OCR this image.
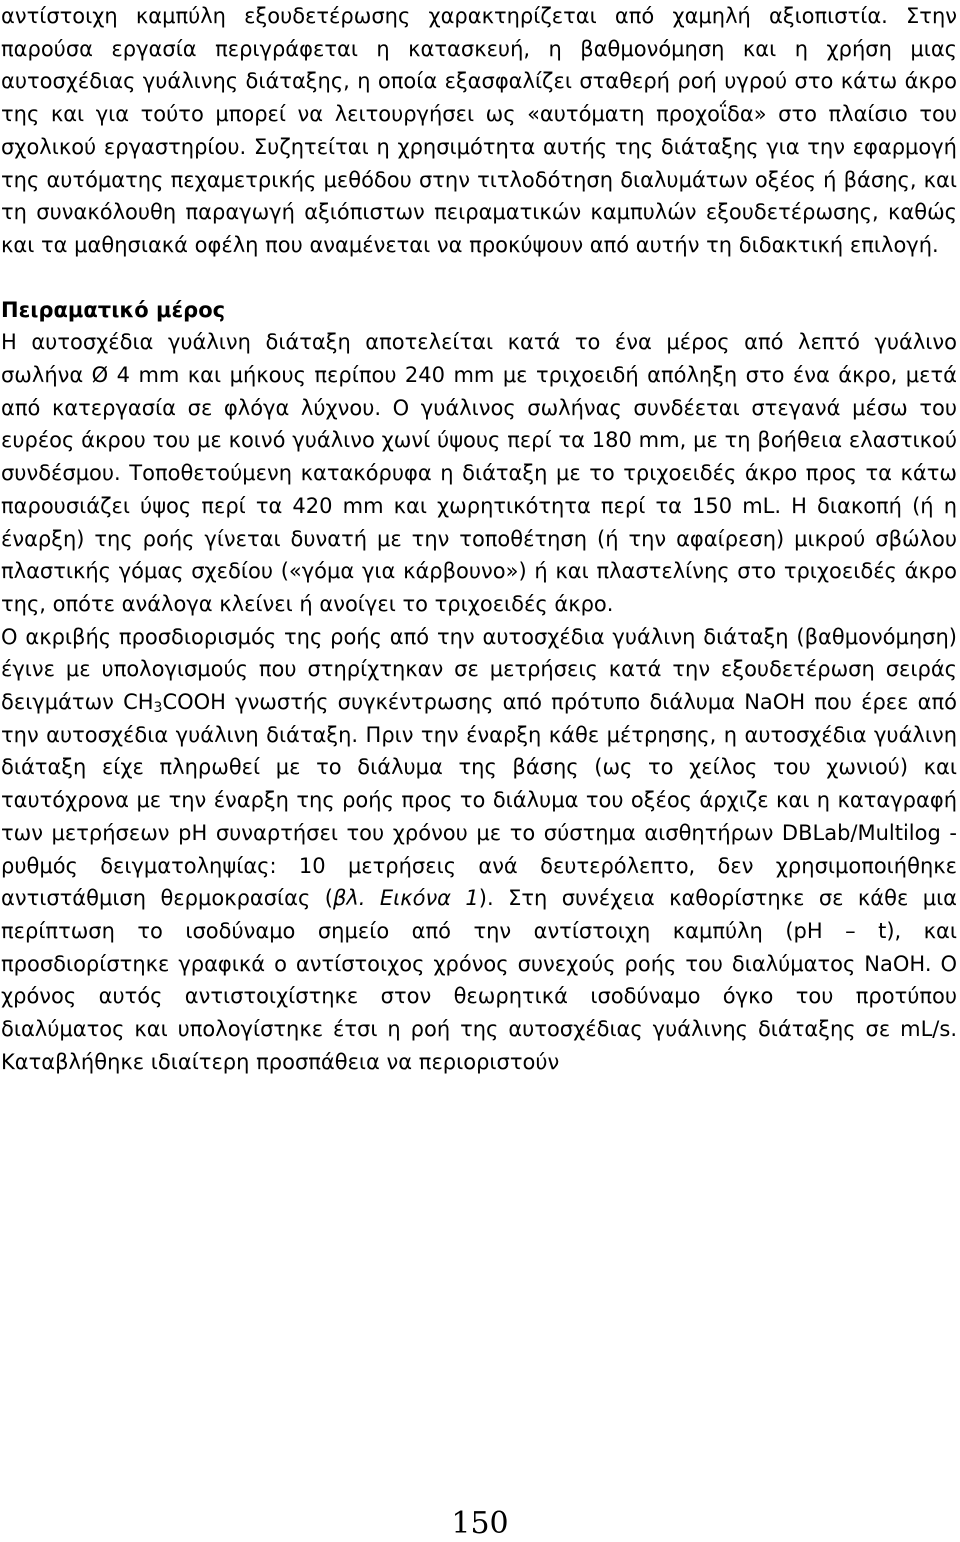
αντίστοιχη καμπύλη εξουδετέρωσης χαρακτηρίζεται από χαμηλή αξιοπιστία. Στην παρούσα εργασία περιγράφεται η κατασκευή, η βαθμονόμηση και η χρήση μιας αυτοσχέδιας γυάλινης διάταξης, η οποία εξασφαλίζει σταθερή ροή υγρού στο κάτω άκρο της και για τούτο μπορεί να λειτουργήσει ως «αυτόματη προχοΐδα» στο πλαίσιο του σχολικού εργαστηρίου. Συζητείται η χρησιμότητα αυτής της διάταξης για την εφαρμογή της αυτόματης πεχαμετρικής μεθόδου στην τιτλοδότηση διαλυμάτων οξέος ή βάσης, και τη συνακόλουθη παραγωγή αξιόπιστων πειραματικών καμπυλών εξουδετέρωσης, καθώς και τα μαθησιακά οφέλη που αναμένεται να προκύψουν από αυτήν τη διδακτική επιλογή.

Πειραματικό μέρος

Η αυτοσχέδια γυάλινη διάταξη αποτελείται κατά το ένα μέρος από λεπτό γυάλινο σωλήνα Ø 4 mm και μήκους περίπου 240 mm με τριχοειδή απόληξη στο ένα άκρο, μετά από κατεργασία σε φλόγα λύχνου. Ο γυάλινος σωλήνας συνδέεται στεγανά μέσω του ευρέος άκρου του με κοινό γυάλινο χωνί ύψους περί τα 180 mm, με τη βοήθεια ελαστικού συνδέσμου. Τοποθετούμενη κατακόρυφα η διάταξη με το τριχοειδές άκρο προς τα κάτω παρουσιάζει ύψος περί τα 420 mm και χωρητικότητα περί τα 150 mL. Η διακοπή (ή η έναρξη) της ροής γίνεται δυνατή με την τοποθέτηση (ή την αφαίρεση) μικρού σβώλου πλαστικής γόμας σχεδίου («γόμα για κάρβουνο») ή και πλαστελίνης στο τριχοειδές άκρο της, οπότε ανάλογα κλείνει ή ανοίγει το τριχοειδές άκρο.

Ο ακριβής προσδιορισμός της ροής από την αυτοσχέδια γυάλινη διάταξη (βαθμονόμηση) έγινε με υπολογισμούς που στηρίχτηκαν σε μετρήσεις κατά την εξουδετέρωση σειράς δειγμάτων $CH_3COOH$ γνωστής συγκέντρωσης από πρότυπο διάλυμα NaOH που έρεε από την αυτοσχέδια γυάλινη διάταξη. Πριν την έναρξη κάθε μέτρησης, η αυτοσχέδια γυάλινη διάταξη είχε πληρωθεί με το διάλυμα της βάσης (ως το χείλος του χωνιού) και ταυτόχρονα με την έναρξη της ροής προς το διάλυμα του οξέος άρχιζε και η καταγραφή των μετρήσεων pH συναρτήσει του χρόνου με το σύστημα αισθητήρων DBLab/Multilog - ρυθμός δειγματοληψίας: 10 μετρήσεις ανά δευτερόλεπτο, δεν χρησιμοποιήθηκε αντιστάθμιση θερμοκρασίας (βλ. Εικόνα 1). Στη συνέχεια καθορίστηκε σε κάθε μια περίπτωση το ισοδύναμο σημείο από την αντίστοιχη καμπύλη (pH – t), και προσδιορίστηκε γραφικά ο αντίστοιχος χρόνος συνεχούς ροής του διαλύματος NaOH. Ο χρόνος αυτός αντιστοιχίστηκε στον θεωρητικά ισοδύναμο όγκο του προτύπου διαλύματος και υπολογίστηκε έτσι η ροή της αυτοσχέδιας γυάλινης διάταξης σε mL/s. Καταβλήθηκε ιδιαίτερη προσπάθεια να περιοριστούν

150
